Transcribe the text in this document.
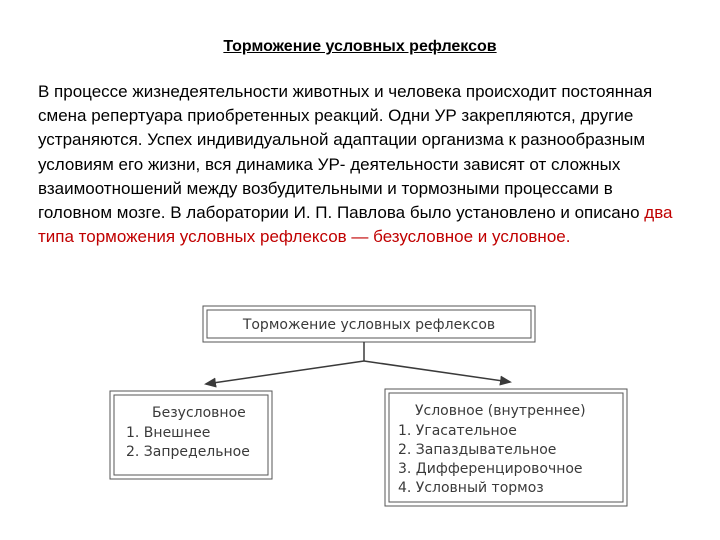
Торможение условных рефлексов
В процессе жизнедеятельности животных и человека происходит постоянная смена репертуара приобретенных реакций. Одни УР закрепляются, другие устраняются. Успех индивидуальной адаптации организма к разнообразным условиям его жизни, вся динамика УР- деятельности зависят от сложных взаимоотношений между возбудительными и тормозными процессами в головном мозге. В лаборатории И. П. Павлова было установлено и описано два типа торможения условных рефлексов — безусловное и условное.
Торможение условных рефлексов
Безусловное
1. Внешнее
2. Запредельное
Условное (внутреннее)
1. Угасательное
2. Запаздывательное
3. Дифференцировочное
4. Условный тормоз
